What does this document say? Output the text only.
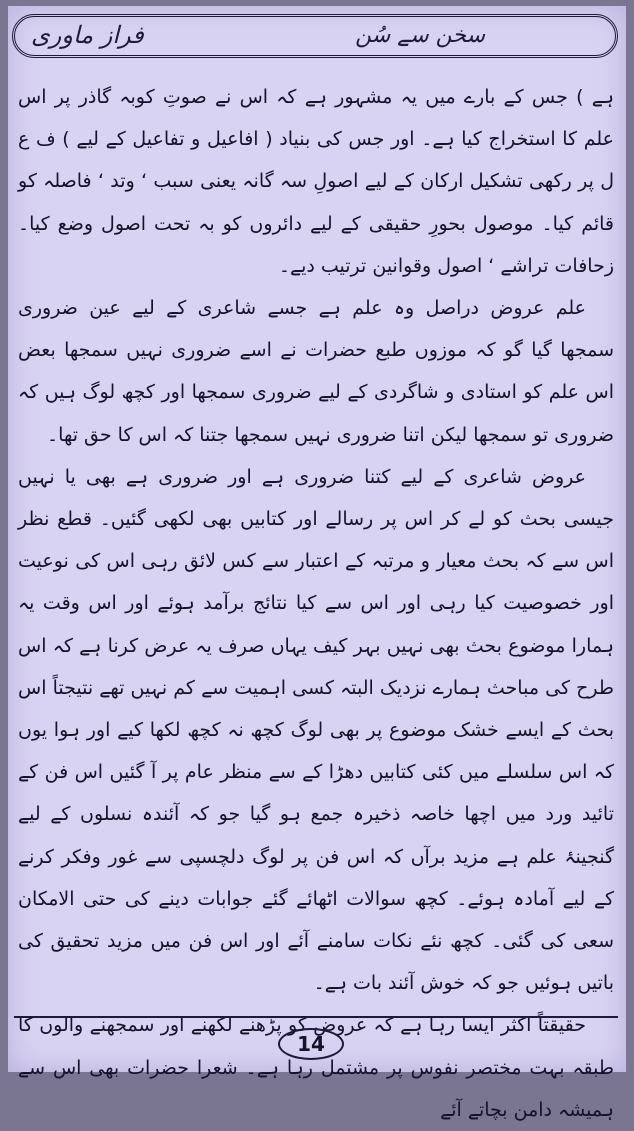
فراز ماوری	سخن سے سُن

ہے ) جس کے بارے میں یہ مشہور ہے کہ اس نے صوتِ کوبہ گاذر پر اس علم کا استخراج کیا ہے۔ اور جس کی بنیاد ( افاعیل و تفاعیل کے لیے ) ف ع ل پر رکھی تشکیل ارکان کے لیے اصولِ سہ گانہ یعنی سبب ‘ وتد ‘ فاصلہ کو قائم کیا۔ موصول بحورِ حقیقی کے لیے دائروں کو بہ تحت اصول وضع کیا۔ زحافات تراشے ‘ اصول وقوانین ترتیب دیے۔

علم عروض دراصل وہ علم ہے جسے شاعری کے لیے عین ضروری سمجھا گیا گو کہ موزوں طبع حضرات نے اسے ضروری نہیں سمجھا بعض اس علم کو استادی و شاگردی کے لیے ضروری سمجھا اور کچھ لوگ ہیں کہ ضروری تو سمجھا لیکن اتنا ضروری نہیں سمجھا جتنا کہ اس کا حق تھا۔

عروض شاعری کے لیے کتنا ضروری ہے اور ضروری ہے بھی یا نہیں جیسی بحث کو لے کر اس پر رسالے اور کتابیں بھی لکھی گئیں۔ قطع نظر اس سے کہ بحث معیار و مرتبہ کے اعتبار سے کس لائق رہی اس کی نوعیت اور خصوصیت کیا رہی اور اس سے کیا نتائج برآمد ہوئے اور اس وقت یہ ہمارا موضوع بحث بھی نہیں بہر کیف یہاں صرف یہ عرض کرنا ہے کہ اس طرح کی مباحث ہمارے نزدیک البتہ کسی اہمیت سے کم نہیں تھے نتیجتاً اس بحث کے ایسے خشک موضوع پر بھی لوگ کچھ نہ کچھ لکھا کیے اور ہوا یوں کہ اس سلسلے میں کئی کتابیں دھڑا کے سے منظر عام پر آ گئیں اس فن کے تائید ورد میں اچھا خاصہ ذخیرہ جمع ہو گیا جو کہ آئندہ نسلوں کے لیے گنجینۂ علم ہے مزید برآں کہ اس فن پر لوگ دلچسپی سے غور وفکر کرنے کے لیے آمادہ ہوئے۔ کچھ سوالات اٹھائے گئے جوابات دینے کی حتی الامکان سعی کی گئی۔ کچھ نئے نکات سامنے آئے اور اس فن میں مزید تحقیق کی باتیں ہوئیں جو کہ خوش آئند بات ہے۔

حقیقتاً اکثر ایسا رہا ہے کہ عروض کو پڑھنے لکھنے اور سمجھنے والوں کا طبقہ بہت مختصر نفوس پر مشتمل رہا ہے۔ شعرا حضرات بھی اس سے ہمیشہ دامن بچاتے آئے

14
